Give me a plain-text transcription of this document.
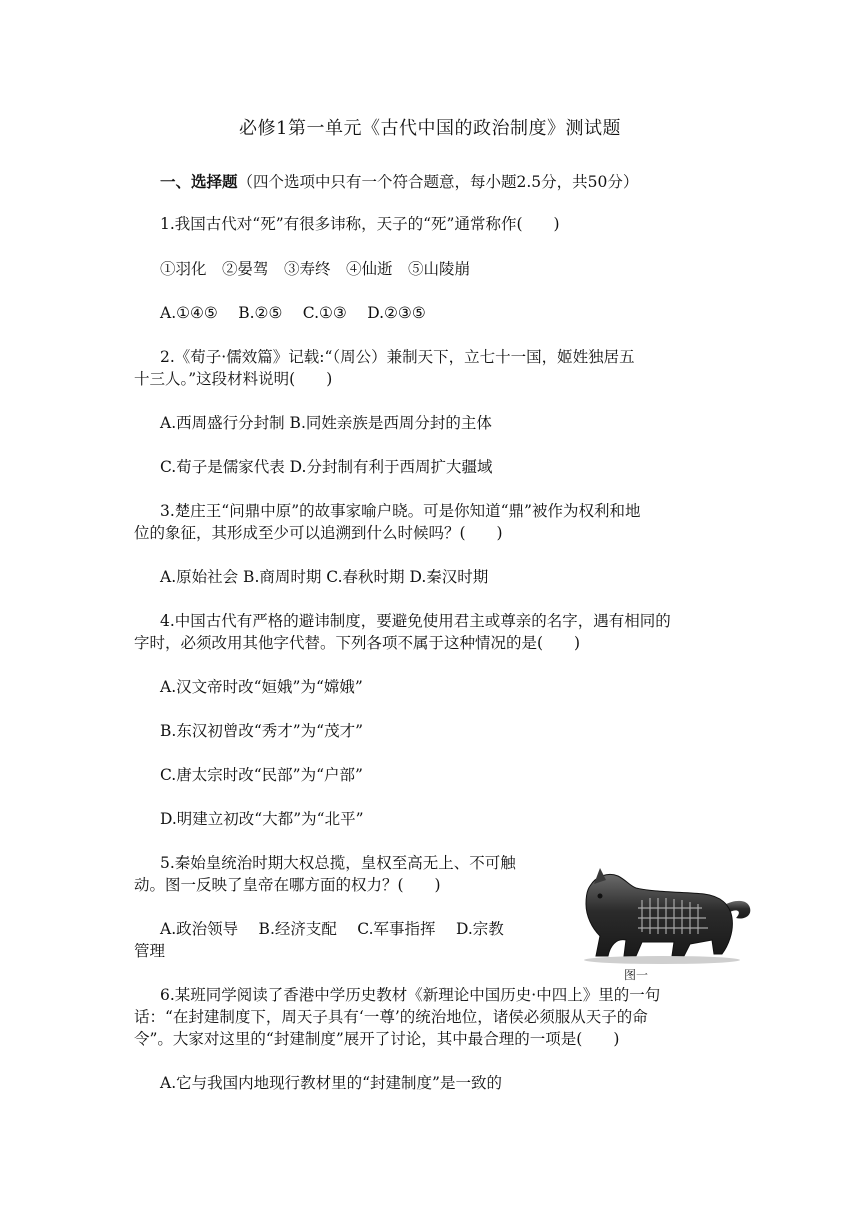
必修1第一单元《古代中国的政治制度》测试题
一、选择题（四个选项中只有一个符合题意，每小题2.5分，共50分）
1.我国古代对“死”有很多讳称，天子的“死”通常称作(　　)
①羽化　②晏驾　③寿终　④仙逝　⑤山陵崩
A.①④⑤　 B.②⑤　 C.①③　 D.②③⑤
2.《荀子·儒效篇》记载:“（周公）兼制天下，立七十一国，姬姓独居五
十三人。”这段材料说明(　　)
A.西周盛行分封制 B.同姓亲族是西周分封的主体
C.荀子是儒家代表 D.分封制有利于西周扩大疆域
3.楚庄王“问鼎中原”的故事家喻户晓。可是你知道“鼎”被作为权利和地
位的象征，其形成至少可以追溯到什么时候吗？(　　)
A.原始社会 B.商周时期 C.春秋时期 D.秦汉时期
4.中国古代有严格的避讳制度，要避免使用君主或尊亲的名字，遇有相同的
字时，必须改用其他字代替。下列各项不属于这种情况的是(　　)
A.汉文帝时改“姮娥”为“嫦娥”
B.东汉初曾改“秀才”为“茂才”
C.唐太宗时改“民部”为“户部”
D.明建立初改“大都”为“北平”
5.秦始皇统治时期大权总揽，皇权至高无上、不可触
动。图一反映了皇帝在哪方面的权力？(　　)
A.政治领导　 B.经济支配　 C.军事指挥　 D.宗教
管理
图一
6.某班同学阅读了香港中学历史教材《新理论中国历史·中四上》里的一句
话：“在封建制度下，周天子具有‘一尊’的统治地位，诸侯必须服从天子的命
令”。大家对这里的“封建制度”展开了讨论，其中最合理的一项是(　　)
A.它与我国内地现行教材里的“封建制度”是一致的
